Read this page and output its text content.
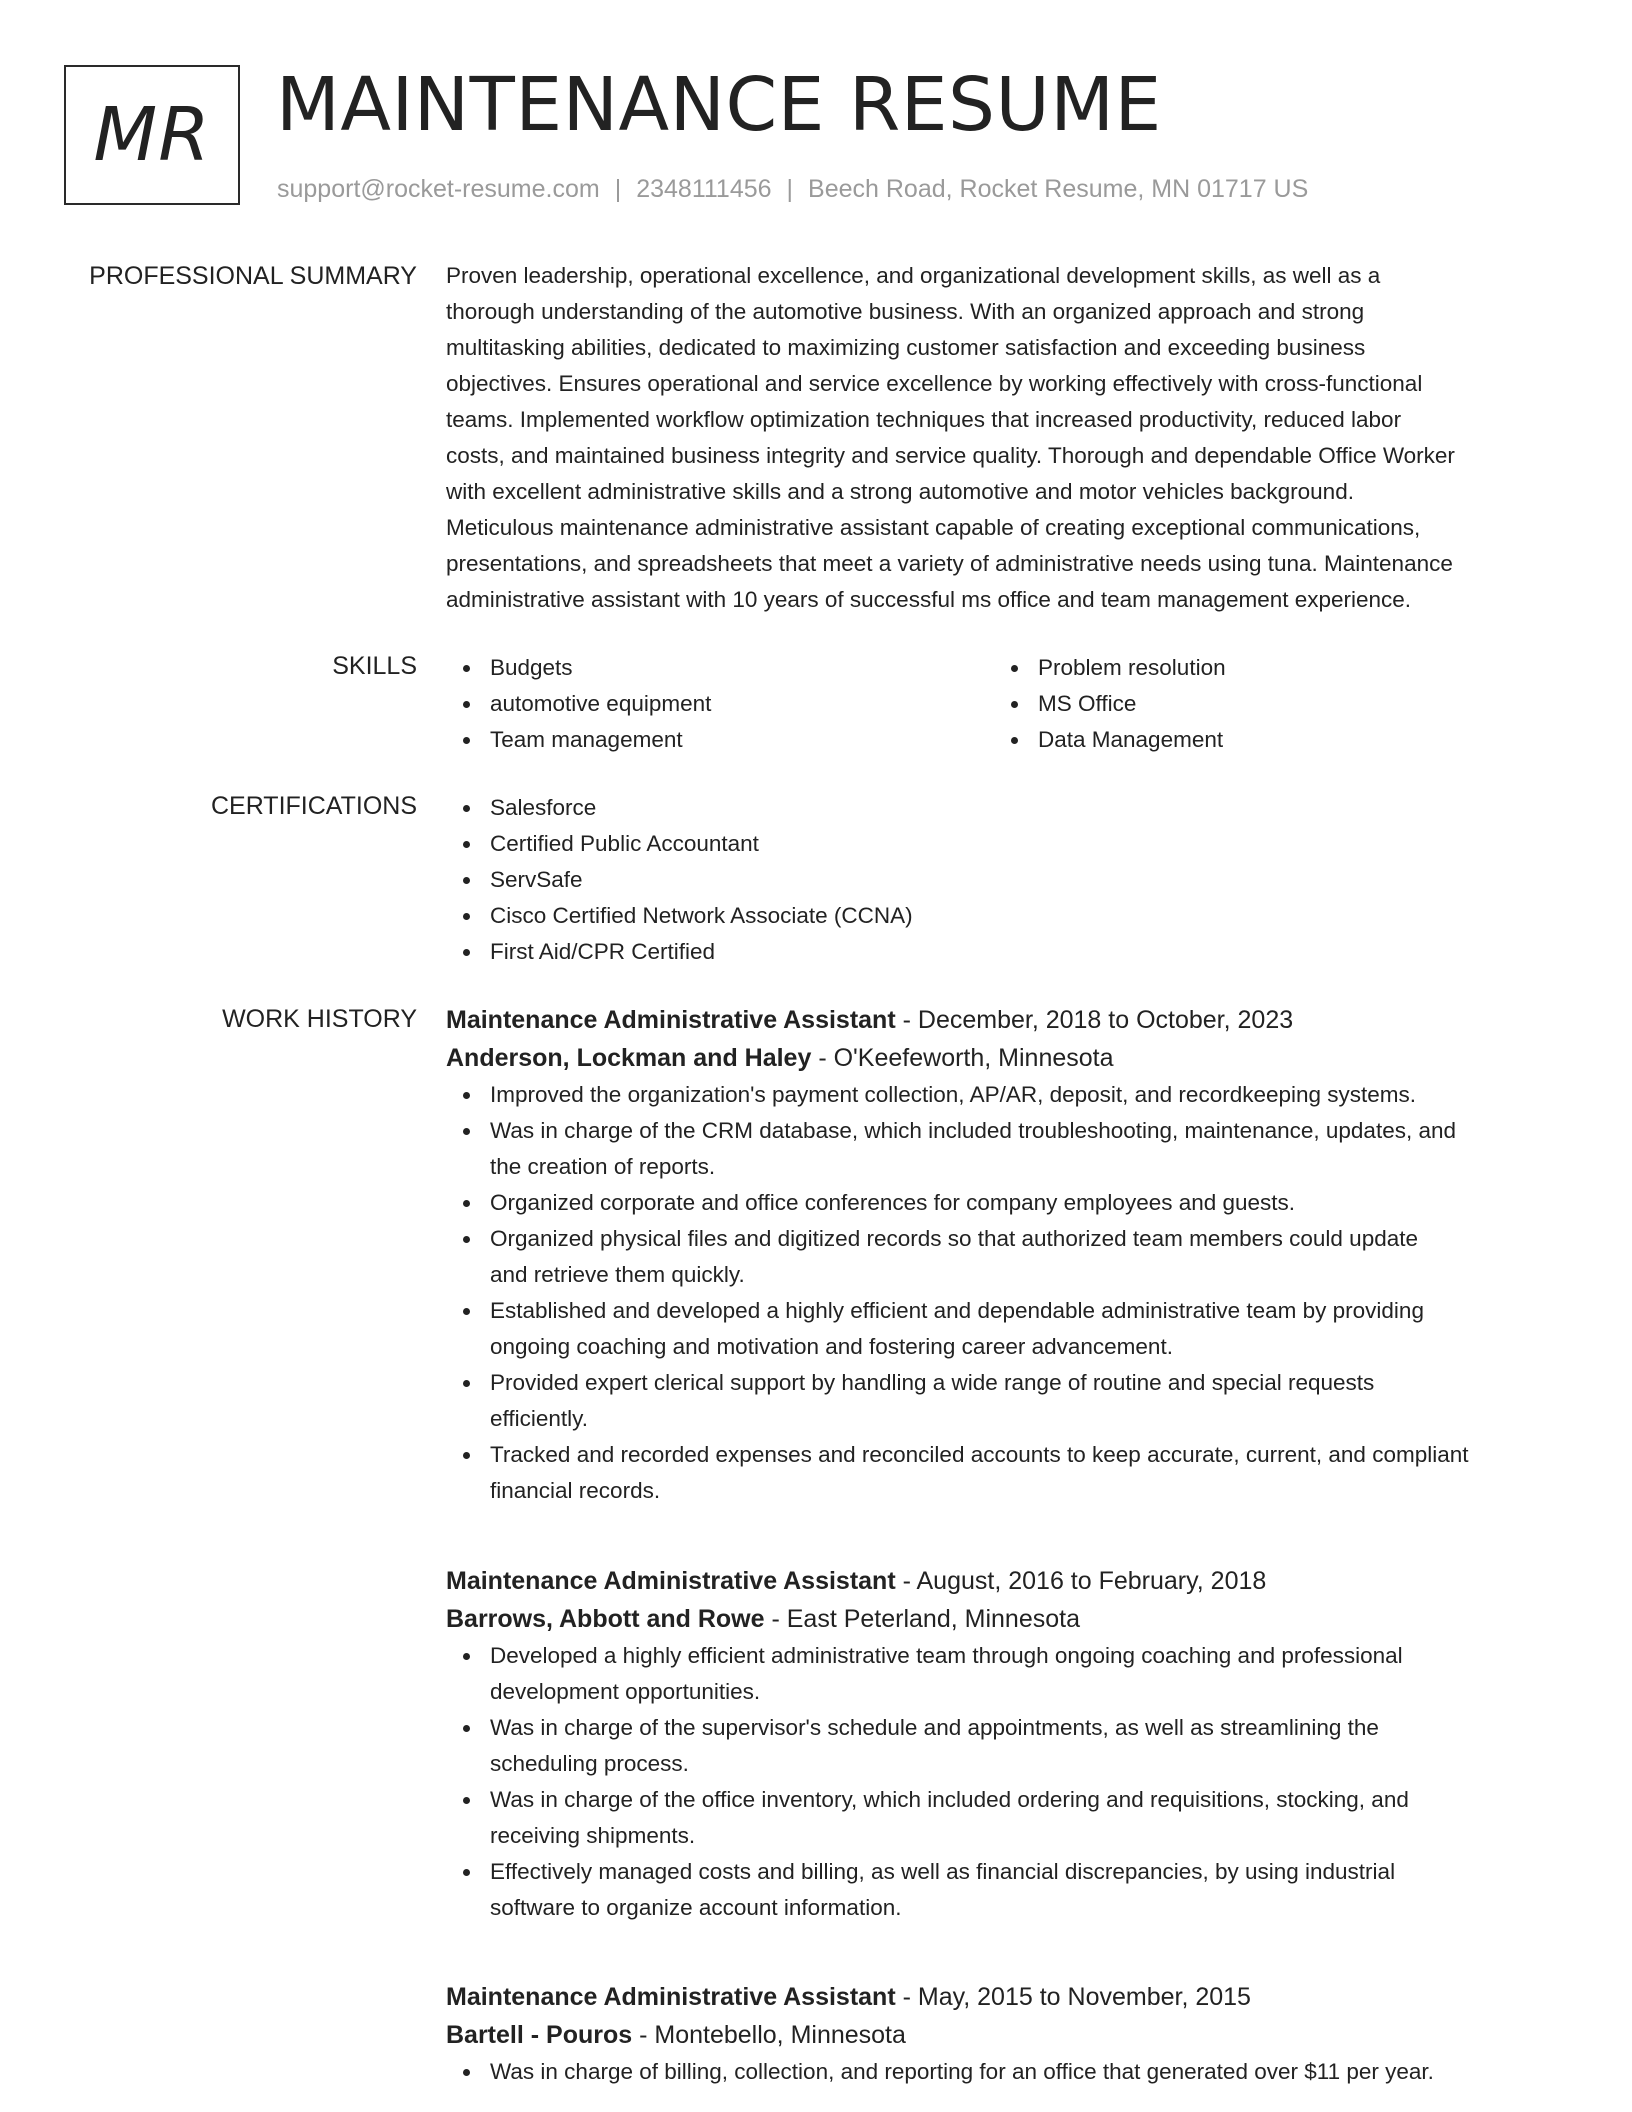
MR MAINTENANCE RESUME
support@rocket-resume.com | 2348111456 | Beech Road, Rocket Resume, MN 01717 US
PROFESSIONAL SUMMARY Proven leadership, operational excellence, and organizational development skills, as well as a
thorough understanding of the automotive business. With an organized approach and strong
multitasking abilities, dedicated to maximizing customer satisfaction and exceeding business
objectives. Ensures operational and service excellence by working effectively with cross-functional
teams. Implemented workflow optimization techniques that increased productivity, reduced labor
costs, and maintained business integrity and service quality. Thorough and dependable Office Worker
with excellent administrative skills and a strong automotive and motor vehicles background.
Meticulous maintenance administrative assistant capable of creating exceptional communications,
presentations, and spreadsheets that meet a variety of administrative needs using tuna. Maintenance
administrative assistant with 10 years of successful ms office and team management experience.
SKILLS	Budgets
automotive equipment
Team management
Problem resolution
MS Office
Data Management
CERTIFICATIONS	Salesforce
Certified Public Accountant
ServSafe
Cisco Certified Network Associate (CCNA)
First Aid/CPR Certified
WORK HISTORY Maintenance Administrative Assistant - December, 2018 to October, 2023
Anderson, Lockman and Haley - O'Keefeworth, Minnesota
Improved the organization's payment collection, AP/AR, deposit, and recordkeeping systems.
Was in charge of the CRM database, which included troubleshooting, maintenance, updates, and
the creation of reports.
Organized corporate and office conferences for company employees and guests.
Organized physical files and digitized records so that authorized team members could update
and retrieve them quickly.
Established and developed a highly efficient and dependable administrative team by providing
ongoing coaching and motivation and fostering career advancement.
Provided expert clerical support by handling a wide range of routine and special requests
efficiently.
Tracked and recorded expenses and reconciled accounts to keep accurate, current, and compliant
financial records.
Maintenance Administrative Assistant - August, 2016 to February, 2018
Barrows, Abbott and Rowe - East Peterland, Minnesota
Developed a highly efficient administrative team through ongoing coaching and professional
development opportunities.
Was in charge of the supervisor's schedule and appointments, as well as streamlining the
scheduling process.
Was in charge of the office inventory, which included ordering and requisitions, stocking, and
receiving shipments.
Effectively managed costs and billing, as well as financial discrepancies, by using industrial
software to organize account information.
Maintenance Administrative Assistant - May, 2015 to November, 2015
Bartell - Pouros - Montebello, Minnesota
Was in charge of billing, collection, and reporting for an office that generated over $11 per year.
